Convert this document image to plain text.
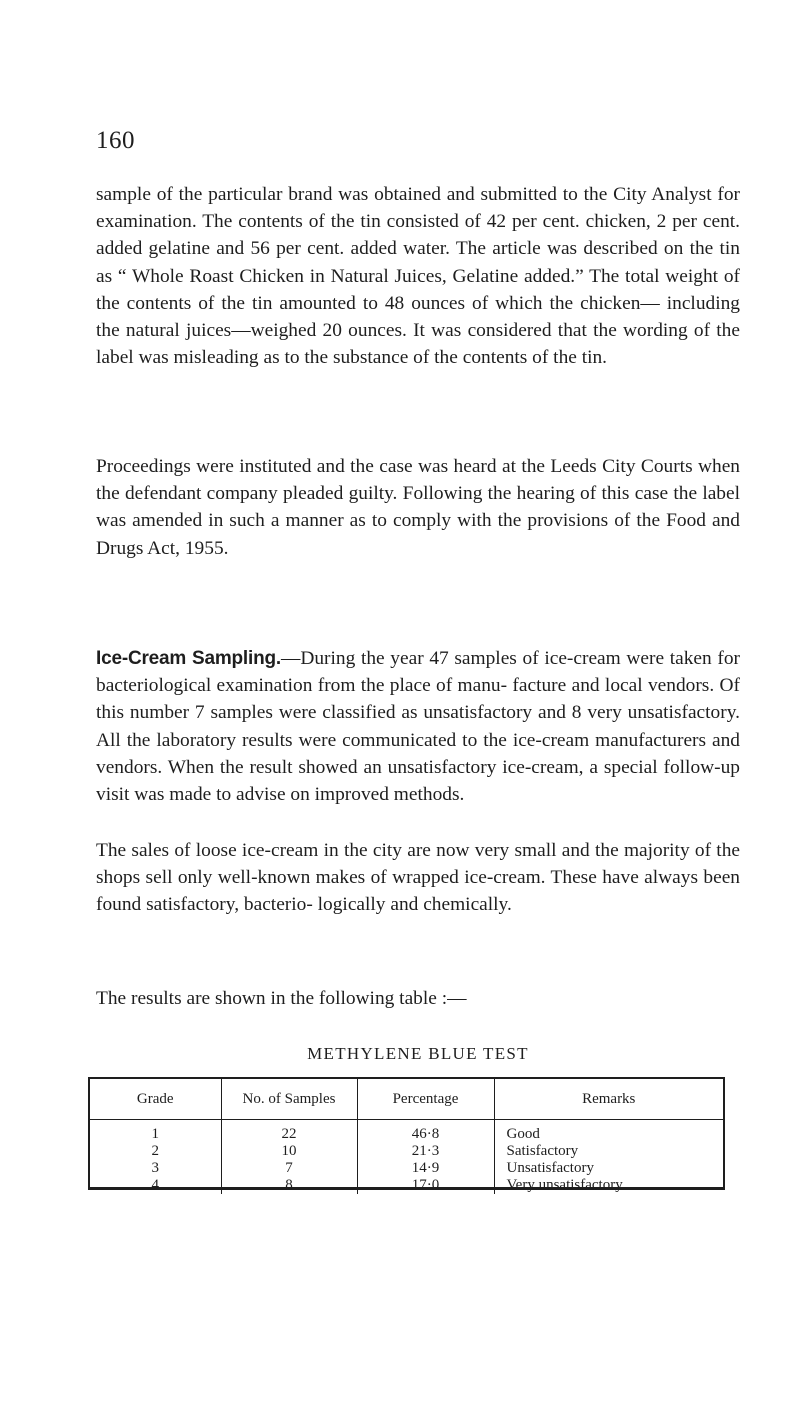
160

sample of the particular brand was obtained and submitted to the City Analyst for examination. The contents of the tin consisted of 42 per cent. chicken, 2 per cent. added gelatine and 56 per cent. added water. The article was described on the tin as “ Whole Roast Chicken in Natural Juices, Gelatine added.” The total weight of the contents of the tin amounted to 48 ounces of which the chicken— including the natural juices—weighed 20 ounces. It was considered that the wording of the label was misleading as to the substance of the contents of the tin.

Proceedings were instituted and the case was heard at the Leeds City Courts when the defendant company pleaded guilty. Following the hearing of this case the label was amended in such a manner as to comply with the provisions of the Food and Drugs Act, 1955.

Ice-Cream Sampling.—During the year 47 samples of ice-cream were taken for bacteriological examination from the place of manu- facture and local vendors. Of this number 7 samples were classified as unsatisfactory and 8 very unsatisfactory. All the laboratory results were communicated to the ice-cream manufacturers and vendors. When the result showed an unsatisfactory ice-cream, a special follow-up visit was made to advise on improved methods.

The sales of loose ice-cream in the city are now very small and the majority of the shops sell only well-known makes of wrapped ice-cream. These have always been found satisfactory, bacterio- logically and chemically.

The results are shown in the following table :—

METHYLENE BLUE TEST

Grade	No. of Samples	Percentage	Remarks
1	22	46·8	Good
2	10	21·3	Satisfactory
3	7	14·9	Unsatisfactory
4	8	17·0	Very unsatisfactory
